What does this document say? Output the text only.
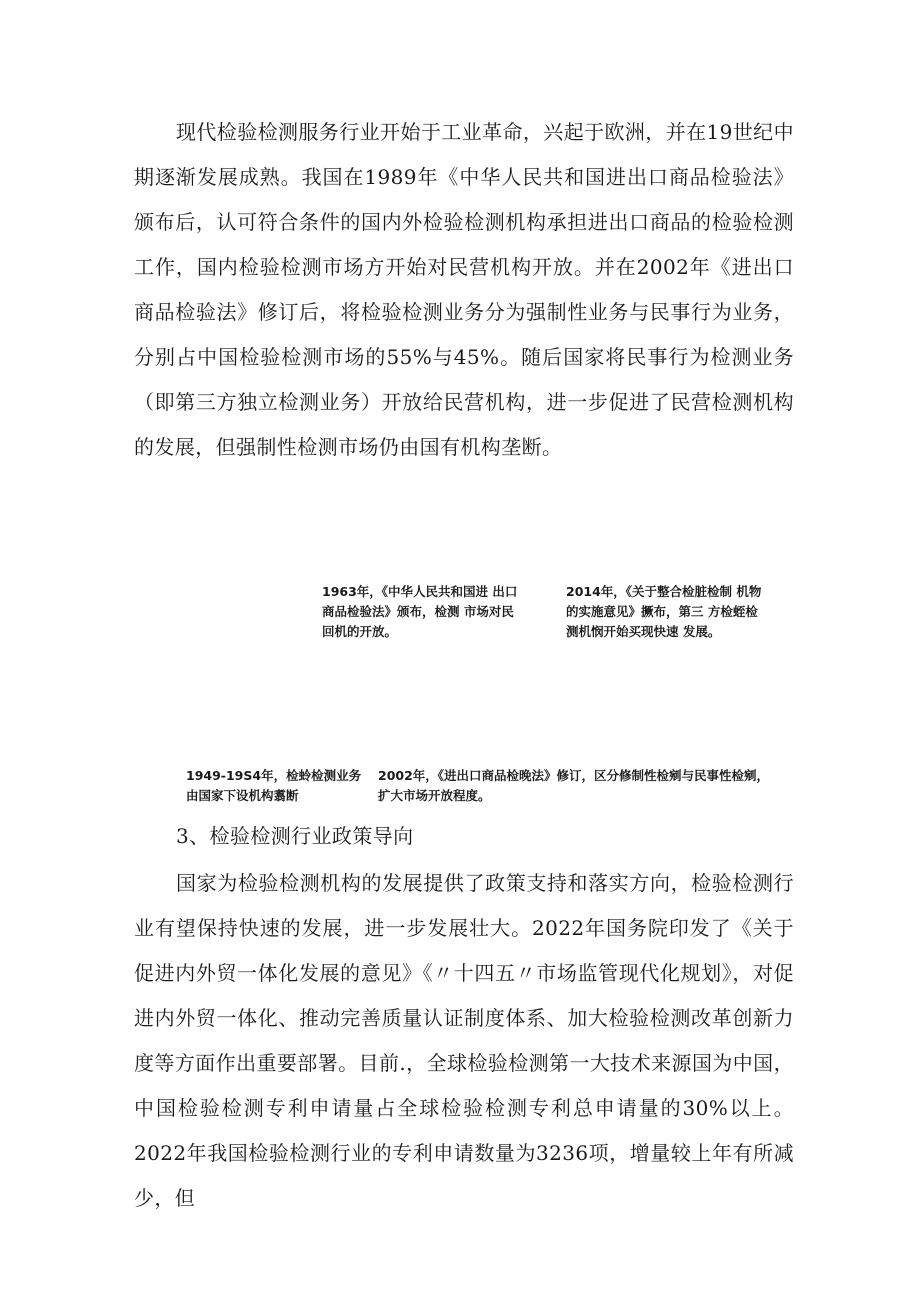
现代检验检测服务行业开始于工业革命，兴起于欧洲，并在19世纪中期逐渐发展成熟。我国在1989年《中华人民共和国进出口商品检验法》颁布后，认可符合条件的国内外检验检测机构承担进出口商品的检验检测工作，国内检验检测市场方开始对民营机构开放。并在2002年《进出口商品检验法》修订后，将检验检测业务分为强制性业务与民事行为业务，分别占中国检验检测市场的55%与45%。随后国家将民事行为检测业务（即第三方独立检测业务）开放给民营机构，进一步促进了民营检测机构的发展，但强制性检测市场仍由国有机构垄断。

1963年，《中华人民共和国进 出口商品检验法》颁布，检测 市场对民回机的开放。

2014年，《关于整合检脏检制 机物的实施意见》撅布，第三 方检蛭检测机悯开始买现快速 发展。

1949-19S4年，检蛉检测业务 由国家下设机构翥断

2002年，《进出口商品检晚法》修订，区分修制性检剜与民事性检剜，扩大市场开放程度。

3、检验检测行业政策导向

国家为检验检测机构的发展提供了政策支持和落实方向，检验检测行业有望保持快速的发展，进一步发展壮大。2022年国务院印发了《关于促进内外贸一体化发展的意见》《〃十四五〃市场监管现代化规划》，对促进内外贸一体化、推动完善质量认证制度体系、加大检验检测改革创新力度等方面作出重要部署。目前.，全球检验检测第一大技术来源国为中国，中国检验检测专利申请量占全球检验检测专利总申请量的30%以上。2022年我国检验检测行业的专利申请数量为3236项，增量较上年有所减少，但
